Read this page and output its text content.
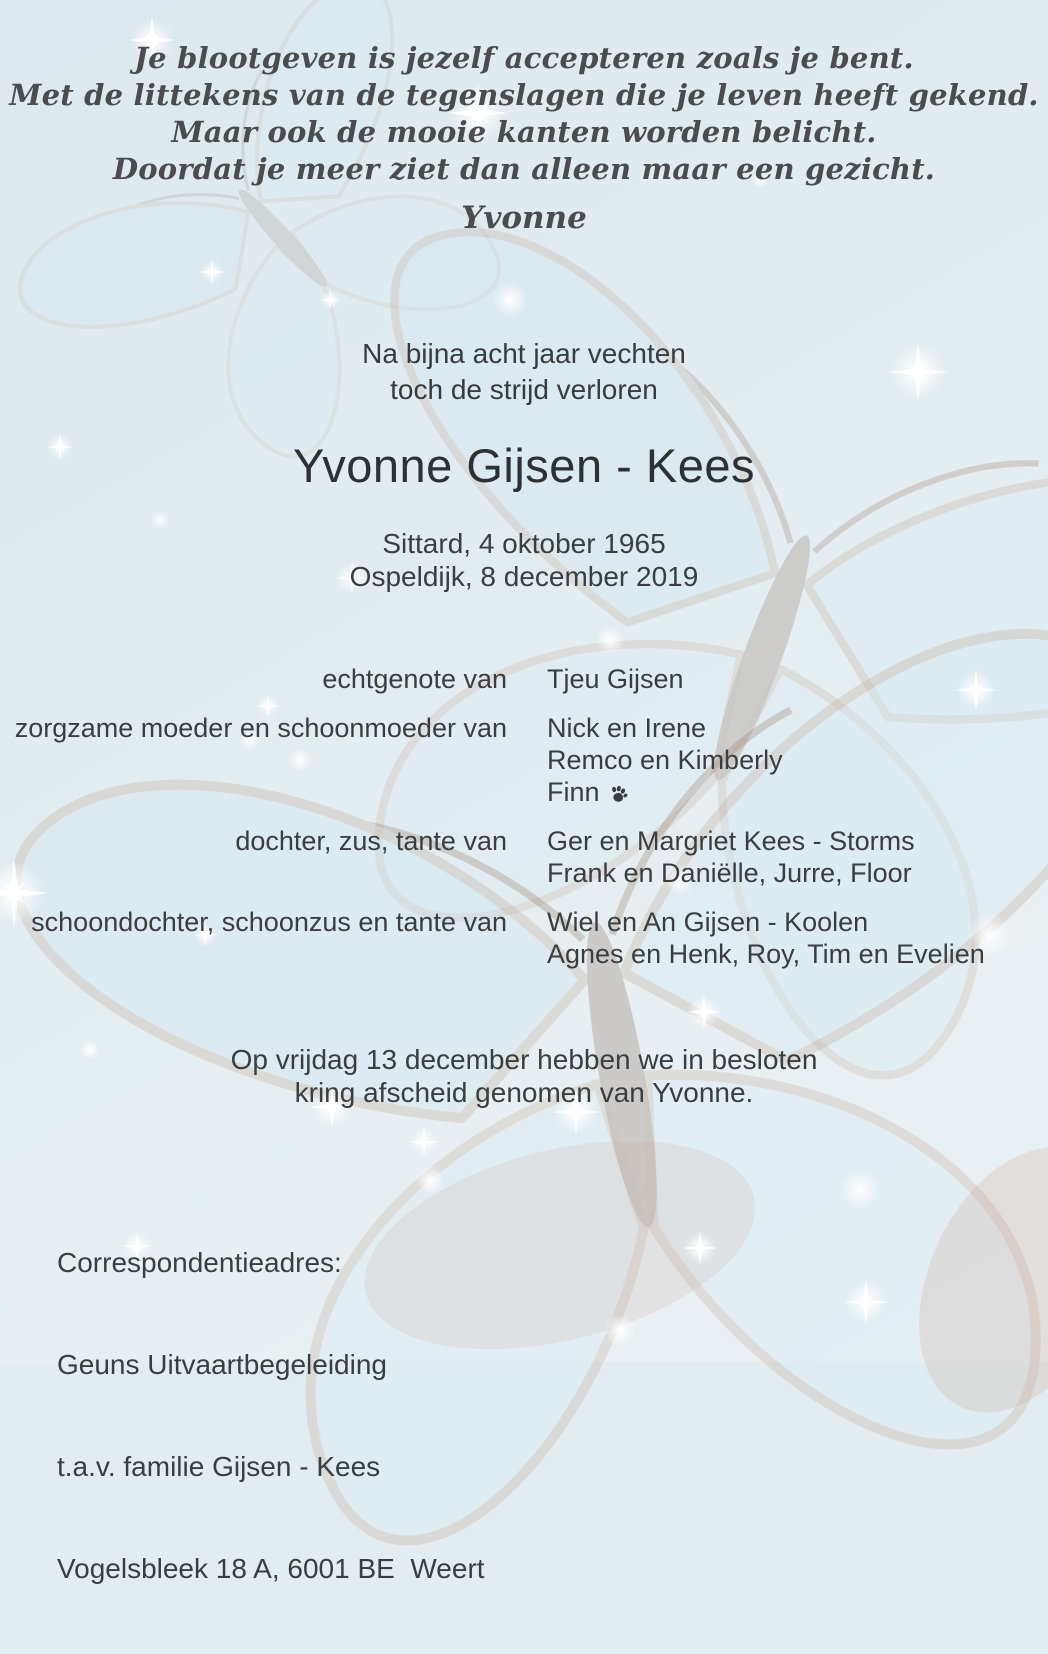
Je blootgeven is jezelf accepteren zoals je bent.
Met de littekens van de tegenslagen die je leven heeft gekend.
Maar ook de mooie kanten worden belicht.
Doordat je meer ziet dan alleen maar een gezicht.
Yvonne
Na bijna acht jaar vechten
toch de strijd verloren
Yvonne Gijsen - Kees
Sittard, 4 oktober 1965
Ospeldijk, 8 december 2019
echtgenote van Tjeu Gijsen
zorgzame moeder en schoonmoeder van Nick en Irene
Remco en Kimberly
Finn
dochter, zus, tante van Ger en Margriet Kees - Storms
Frank en Daniëlle, Jurre, Floor
schoondochter, schoonzus en tante van Wiel en An Gijsen - Koolen
Agnes en Henk, Roy, Tim en Evelien
Op vrijdag 13 december hebben we in besloten
kring afscheid genomen van Yvonne.

Correspondentieadres:

Geuns Uitvaartbegeleiding

t.a.v. familie Gijsen - Kees

Vogelsbleek 18 A, 6001 BE  Weert
